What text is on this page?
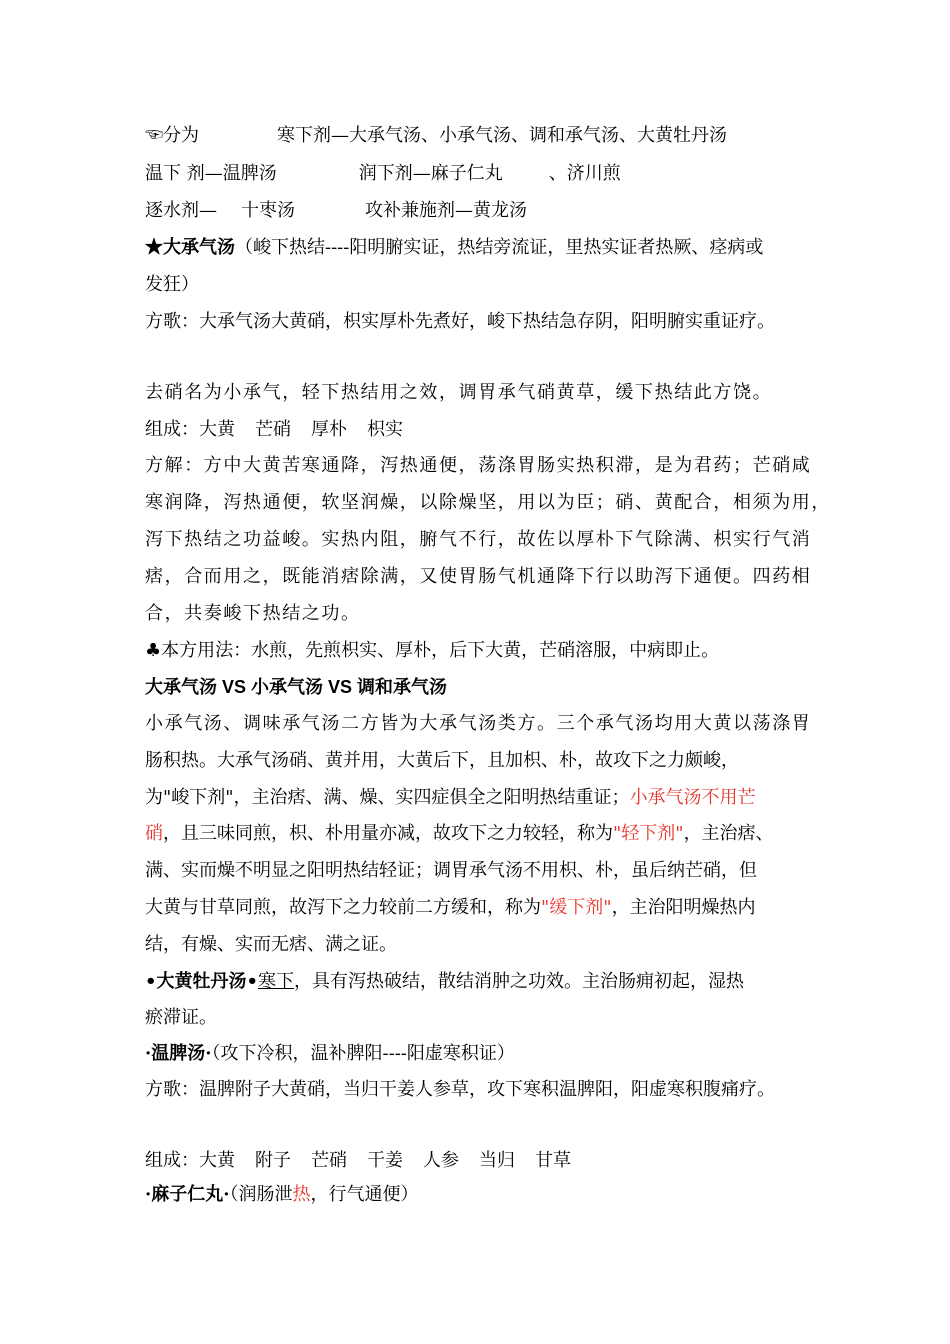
☜分为	寒下剂—大承气汤、小承气汤、调和承气汤、大黄牡丹汤
温下 剂—温脾汤	润下剂—麻子仁丸	、济川煎
逐水剂— 十枣汤	攻补兼施剂—黄龙汤
★大承气汤（峻下热结----阳明腑实证，热结旁流证，里热实证者热厥、痉病或
发狂）
方歌：大承气汤大黄硝，枳实厚朴先煮好，峻下热结急存阴，阳明腑实重证疗。
去硝名为小承气，轻下热结用之效，调胃承气硝黄草，缓下热结此方饶。
组成：大黄 芒硝 厚朴 枳实
方解：方中大黄苦寒通降，泻热通便，荡涤胃肠实热积滞，是为君药；芒硝咸
寒润降，泻热通便，软坚润燥，以除燥坚，用以为臣；硝、黄配合，相须为用，
泻下热结之功益峻。实热内阻，腑气不行，故佐以厚朴下气除满、枳实行气消
痞，合而用之，既能消痞除满，又使胃肠气机通降下行以助泻下通便。四药相
合，共奏峻下热结之功。
♣本方用法：水煎，先煎枳实、厚朴，后下大黄，芒硝溶服，中病即止。
大承气汤 VS 小承气汤 VS 调和承气汤
小承气汤、调味承气汤二方皆为大承气汤类方。三个承气汤均用大黄以荡涤胃
肠积热。大承气汤硝、黄并用，大黄后下，且加枳、朴，故攻下之力颇峻，
为"峻下剂"，主治痞、满、燥、实四症俱全之阳明热结重证；小承气汤不用芒
硝，且三味同煎，枳、朴用量亦减，故攻下之力较轻，称为"轻下剂"，主治痞、
满、实而燥不明显之阳明热结轻证；调胃承气汤不用枳、朴，虽后纳芒硝，但
大黄与甘草同煎，故泻下之力较前二方缓和，称为"缓下剂"，主治阳明燥热内
结，有燥、实而无痞、满之证。
•大黄牡丹汤•寒下，具有泻热破结，散结消肿之功效。主治肠痈初起，湿热
瘀滞证。
·温脾汤·（攻下冷积，温补脾阳----阳虚寒积证）
方歌：温脾附子大黄硝，当归干姜人参草，攻下寒积温脾阳，阳虚寒积腹痛疗。
组成：大黄 附子 芒硝 干姜 人参 当归 甘草
·麻子仁丸·（润肠泄热，行气通便）
